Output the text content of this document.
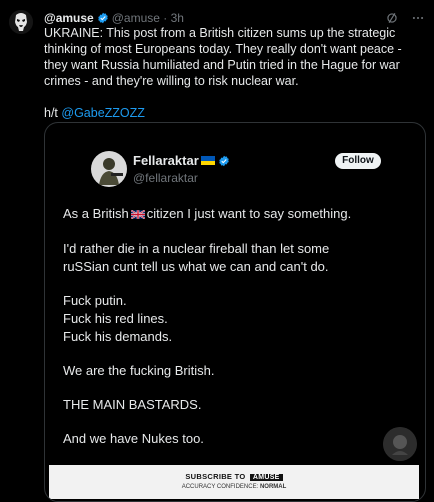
@amuse @amuse · 3h

UKRAINE: This post from a British citizen sums up the strategic thinking of most Europeans today. They really don't want peace - they want Russia humiliated and Putin tried in the Hague for war crimes - and they're willing to risk nuclear war.

h/t @GabeZZOZZ

Fellaraktar
@fellaraktar
Follow

As a British citizen I just want to say something.

I'd rather die in a nuclear fireball than let some

ruSSian cunt tell us what we can and can't do.

Fuck putin.

Fuck his red lines.

Fuck his demands.

We are the fucking British.

THE MAIN BASTARDS.

And we have Nukes too.

SUBSCRIBE TO AMUSE
ACCURACY CONFIDENCE: NORMAL
